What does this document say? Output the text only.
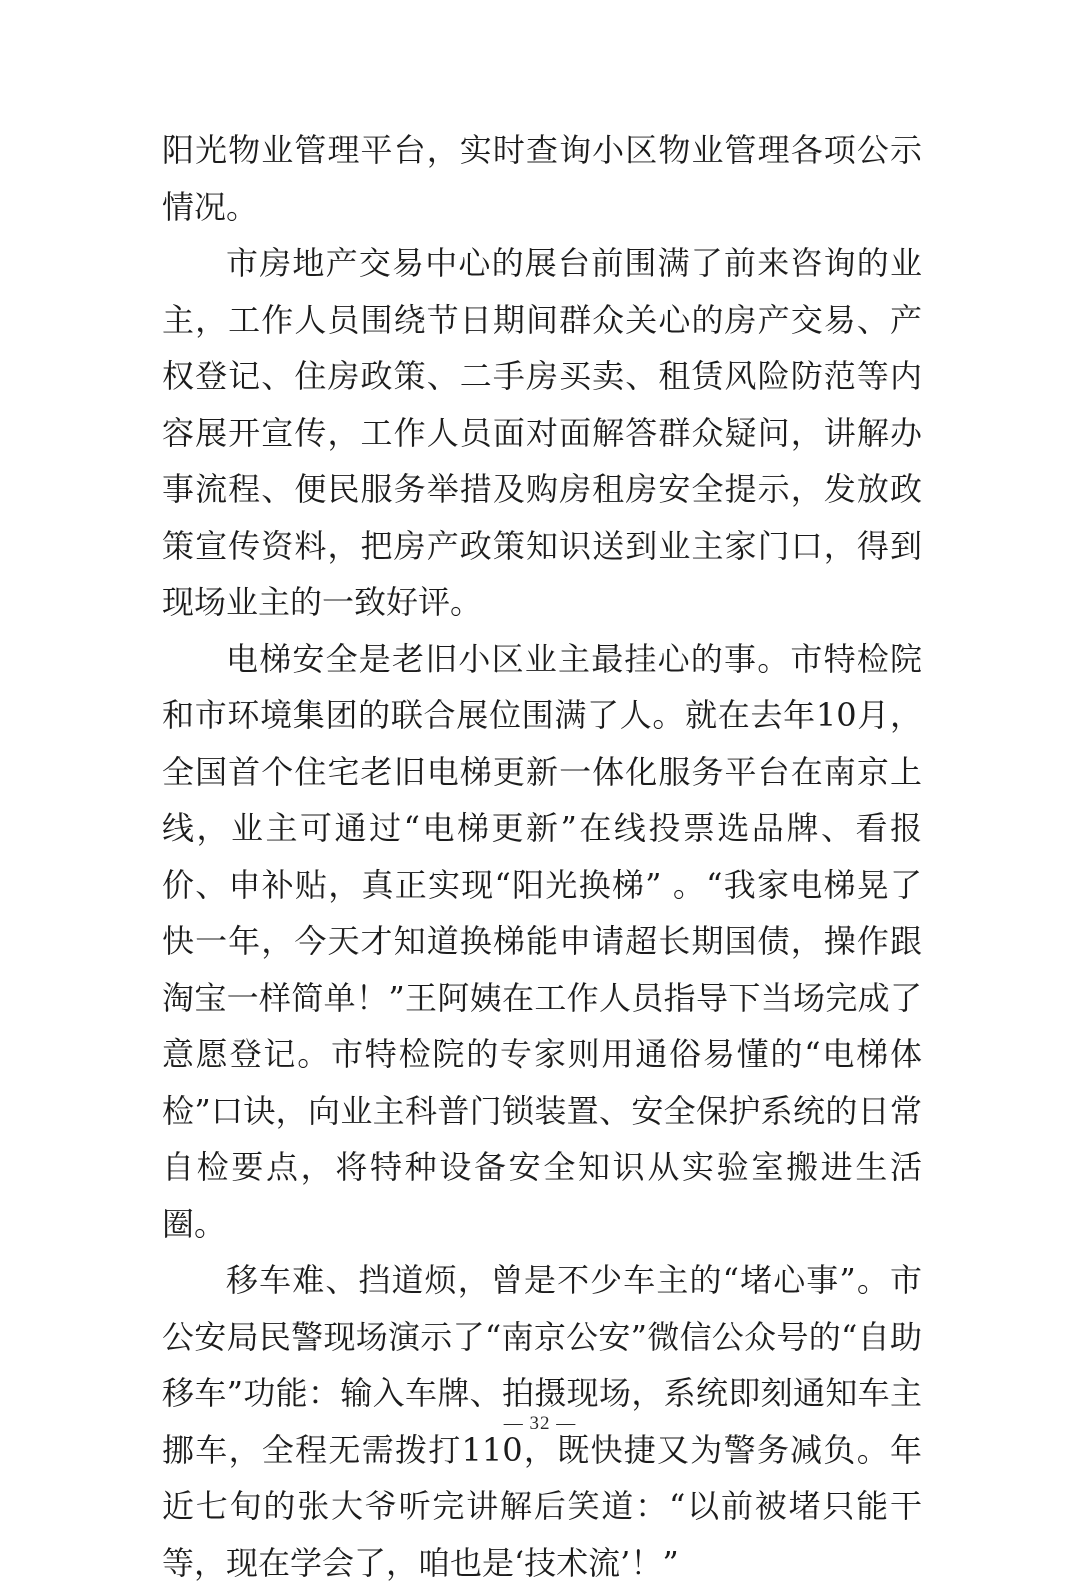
阳光物业管理平台，实时查询小区物业管理各项公示情况。

市房地产交易中心的展台前围满了前来咨询的业主，工作人员围绕节日期间群众关心的房产交易、产权登记、住房政策、二手房买卖、租赁风险防范等内容展开宣传，工作人员面对面解答群众疑问，讲解办事流程、便民服务举措及购房租房安全提示，发放政策宣传资料，把房产政策知识送到业主家门口，得到现场业主的一致好评。

电梯安全是老旧小区业主最挂心的事。市特检院和市环境集团的联合展位围满了人。就在去年10月，全国首个住宅老旧电梯更新一体化服务平台在南京上线，业主可通过“电梯更新”在线投票选品牌、看报价、申补贴，真正实现“阳光换梯” 。“我家电梯晃了快一年，今天才知道换梯能申请超长期国债，操作跟淘宝一样简单！”王阿姨在工作人员指导下当场完成了意愿登记。市特检院的专家则用通俗易懂的“电梯体检”口诀，向业主科普门锁装置、安全保护系统的日常自检要点，将特种设备安全知识从实验室搬进生活圈。

移车难、挡道烦，曾是不少车主的“堵心事”。市公安局民警现场演示了“南京公安”微信公众号的“自助移车”功能：输入车牌、拍摄现场，系统即刻通知车主挪车，全程无需拨打110，既快捷又为警务减负。年近七旬的张大爷听完讲解后笑道：“以前被堵只能干等，现在学会了，咱也是‘技术流’！”

— 32 —
